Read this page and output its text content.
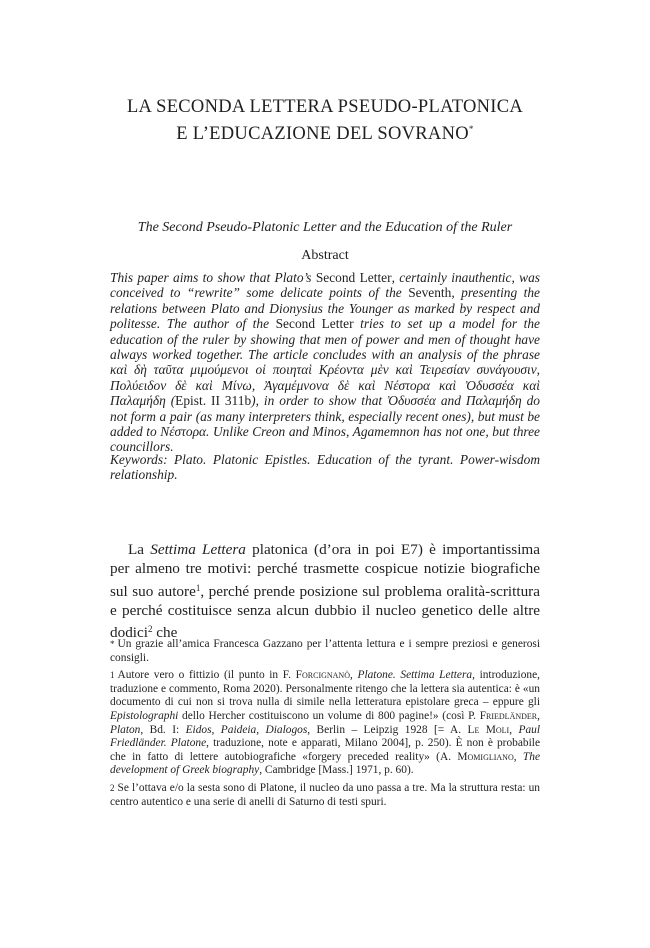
LA SECONDA LETTERA PSEUDO-PLATONICA
E L’EDUCAZIONE DEL SOVRANO*
The Second Pseudo-Platonic Letter and the Education of the Ruler
Abstract

This paper aims to show that Plato’s Second Letter, certainly inauthentic, was conceived to “rewrite” some delicate points of the Seventh, presenting the relations between Plato and Dionysius the Younger as marked by respect and politesse. The author of the Second Letter tries to set up a model for the education of the ruler by showing that men of power and men of thought have always worked together. The article concludes with an analysis of the phrase καὶ δὴ ταῦτα μιμούμενοι οἱ ποιηταὶ Κρέοντα μὲν καὶ Τειρεσίαν συνάγουσιν, Πολύειδον δὲ καὶ Μίνω, Ἀγαμέμνονα δὲ καὶ Νέστορα καὶ Ὀδυσσέα καὶ Παλαμήδη (Epist. II 311b), in order to show that Ὀδυσσέα and Παλαμήδη do not form a pair (as many interpreters think, especially recent ones), but must be added to Νέστορα. Unlike Creon and Minos, Agamemnon has not one, but three councillors.

Keywords: Plato. Platonic Epistles. Education of the tyrant. Power-wisdom relationship.

La Settima Lettera platonica (d’ora in poi E7) è importantissima per almeno tre motivi: perché trasmette cospicue notizie biografiche sul suo autore$^1$, perché prende posizione sul problema oralità-scrittura e perché costituisce senza alcun dubbio il nucleo genetico delle altre dodici$^2$ che

* Un grazie all’amica Francesca Gazzano per l’attenta lettura e i sempre preziosi e generosi consigli.

1 Autore vero o fittizio (il punto in F. Forcignanò, Platone. Settima Lettera, introduzione, traduzione e commento, Roma 2020). Personalmente ritengo che la lettera sia autentica: è «un documento di cui non si trova nulla di simile nella letteratura epistolare greca – eppure gli Epistolographi dello Hercher costituiscono un volume di 800 pagine!» (così P. Friedländer, Platon, Bd. I: Eidos, Paideia, Dialogos, Berlin – Leipzig 1928 [= A. Le Moli, Paul Friedländer. Platone, traduzione, note e apparati, Milano 2004], p. 250). È non è probabile che in fatto di lettere autobiografiche «forgery preceded reality» (A. Momigliano, The development of Greek biography, Cambridge [Mass.] 1971, p. 60).

2 Se l’ottava e/o la sesta sono di Platone, il nucleo da uno passa a tre. Ma la struttura resta: un centro autentico e una serie di anelli di Saturno di testi spuri.
